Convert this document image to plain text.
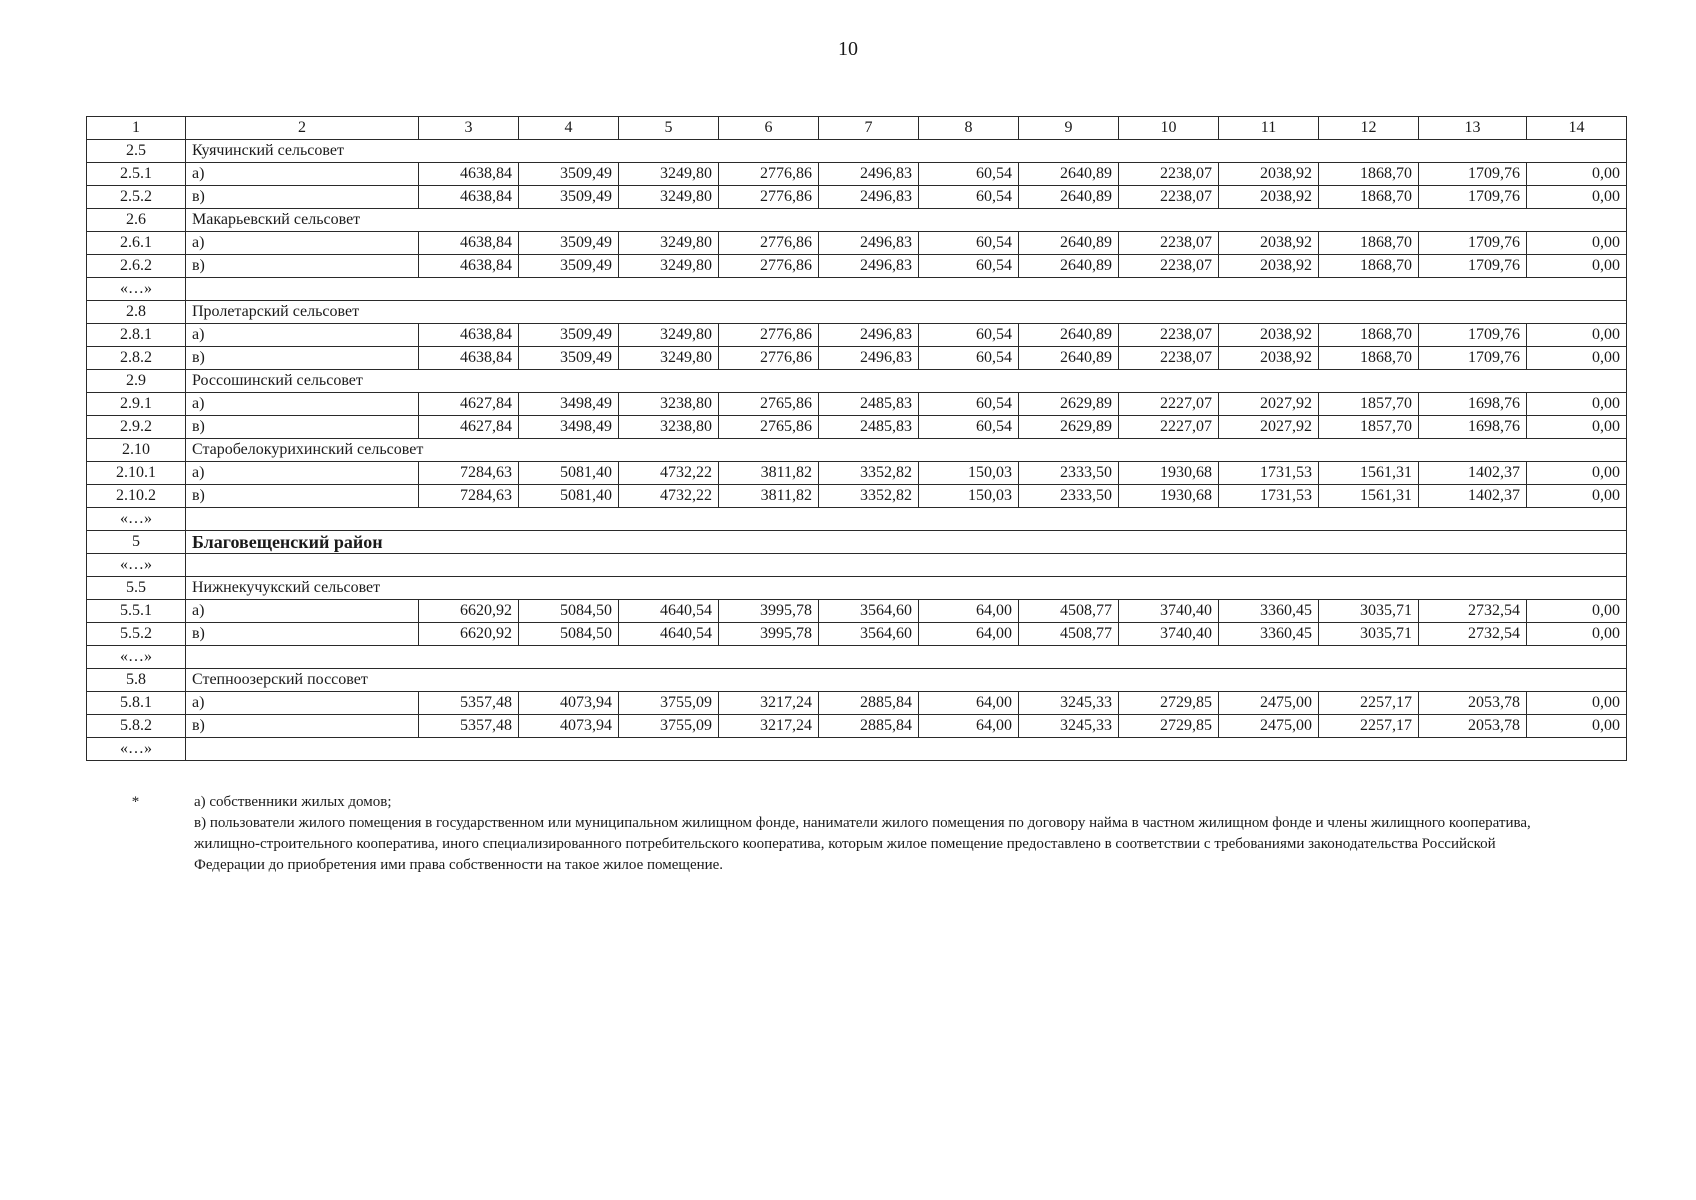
10
1	2	3	4	5	6	7	8	9	10	11	12	13	14
2.5	Куячинский сельсовет												
2.5.1	а)	4638,84	3509,49	3249,80	2776,86	2496,83	60,54	2640,89	2238,07	2038,92	1868,70	1709,76	0,00
2.5.2	в)	4638,84	3509,49	3249,80	2776,86	2496,83	60,54	2640,89	2238,07	2038,92	1868,70	1709,76	0,00
2.6	Макарьевский сельсовет												
2.6.1	а)	4638,84	3509,49	3249,80	2776,86	2496,83	60,54	2640,89	2238,07	2038,92	1868,70	1709,76	0,00
2.6.2	в)	4638,84	3509,49	3249,80	2776,86	2496,83	60,54	2640,89	2238,07	2038,92	1868,70	1709,76	0,00
«…»													
2.8	Пролетарский сельсовет												
2.8.1	а)	4638,84	3509,49	3249,80	2776,86	2496,83	60,54	2640,89	2238,07	2038,92	1868,70	1709,76	0,00
2.8.2	в)	4638,84	3509,49	3249,80	2776,86	2496,83	60,54	2640,89	2238,07	2038,92	1868,70	1709,76	0,00
2.9	Россошинский сельсовет												
2.9.1	а)	4627,84	3498,49	3238,80	2765,86	2485,83	60,54	2629,89	2227,07	2027,92	1857,70	1698,76	0,00
2.9.2	в)	4627,84	3498,49	3238,80	2765,86	2485,83	60,54	2629,89	2227,07	2027,92	1857,70	1698,76	0,00
2.10	Старобелокурихинский сельсовет												
2.10.1	а)	7284,63	5081,40	4732,22	3811,82	3352,82	150,03	2333,50	1930,68	1731,53	1561,31	1402,37	0,00
2.10.2	в)	7284,63	5081,40	4732,22	3811,82	3352,82	150,03	2333,50	1930,68	1731,53	1561,31	1402,37	0,00
«…»													
5	Благовещенский район												
«…»													
5.5	Нижнекучукский сельсовет												
5.5.1	а)	6620,92	5084,50	4640,54	3995,78	3564,60	64,00	4508,77	3740,40	3360,45	3035,71	2732,54	0,00
5.5.2	в)	6620,92	5084,50	4640,54	3995,78	3564,60	64,00	4508,77	3740,40	3360,45	3035,71	2732,54	0,00
«…»													
5.8	Степноозерский поссовет												
5.8.1	а)	5357,48	4073,94	3755,09	3217,24	2885,84	64,00	3245,33	2729,85	2475,00	2257,17	2053,78	0,00
5.8.2	в)	5357,48	4073,94	3755,09	3217,24	2885,84	64,00	3245,33	2729,85	2475,00	2257,17	2053,78	0,00
«…»													
*	а) собственники жилых домов;
в) пользователи жилого помещения в государственном или муниципальном жилищном фонде, наниматели жилого помещения по договору найма в частном жилищном фонде и члены жилищного кооператива, жилищно-строительного кооператива, иного специализированного потребительского кооператива, которым жилое помещение предоставлено в соответствии с требованиями законодательства Российской Федерации до приобретения ими права собственности на такое жилое помещение.
